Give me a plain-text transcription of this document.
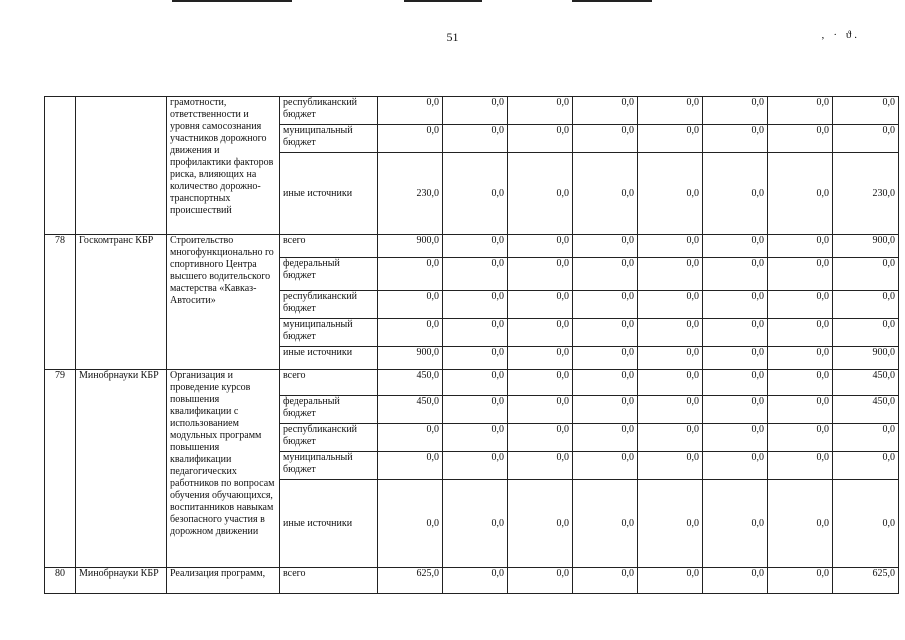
51	‚ · ϑ.
		грамотности, ответственности и уровня самосознания участников дорожного движения и профилактики факторов риска, влияющих на количество дорожно-транспортных происшествий	республиканский бюджет	0,0	0,0	0,0	0,0	0,0	0,0	0,0	0,0
			муниципальный бюджет	0,0	0,0	0,0	0,0	0,0	0,0	0,0	0,0
			иные источники	230,0	0,0	0,0	0,0	0,0	0,0	0,0	230,0
78	Госкомтранс КБР	Строительство многофункционально го спортивного Центра высшего водительского мастерства «Кавказ-Автосити»	всего	900,0	0,0	0,0	0,0	0,0	0,0	0,0	900,0
			федеральный бюджет	0,0	0,0	0,0	0,0	0,0	0,0	0,0	0,0
			республиканский бюджет	0,0	0,0	0,0	0,0	0,0	0,0	0,0	0,0
			муниципальный бюджет	0,0	0,0	0,0	0,0	0,0	0,0	0,0	0,0
			иные источники	900,0	0,0	0,0	0,0	0,0	0,0	0,0	900,0
79	Минобрнауки КБР	Организация и проведение курсов повышения квалификации с использованием модульных программ повышения квалификации педагогических работников по вопросам обучения обучающихся, воспитанников навыкам безопасного участия в дорожном движении	всего	450,0	0,0	0,0	0,0	0,0	0,0	0,0	450,0
			федеральный бюджет	450,0	0,0	0,0	0,0	0,0	0,0	0,0	450,0
			республиканский бюджет	0,0	0,0	0,0	0,0	0,0	0,0	0,0	0,0
			муниципальный бюджет	0,0	0,0	0,0	0,0	0,0	0,0	0,0	0,0
			иные источники	0,0	0,0	0,0	0,0	0,0	0,0	0,0	0,0
80	Минобрнауки КБР	Реализация программ,	всего	625,0	0,0	0,0	0,0	0,0	0,0	0,0	625,0
